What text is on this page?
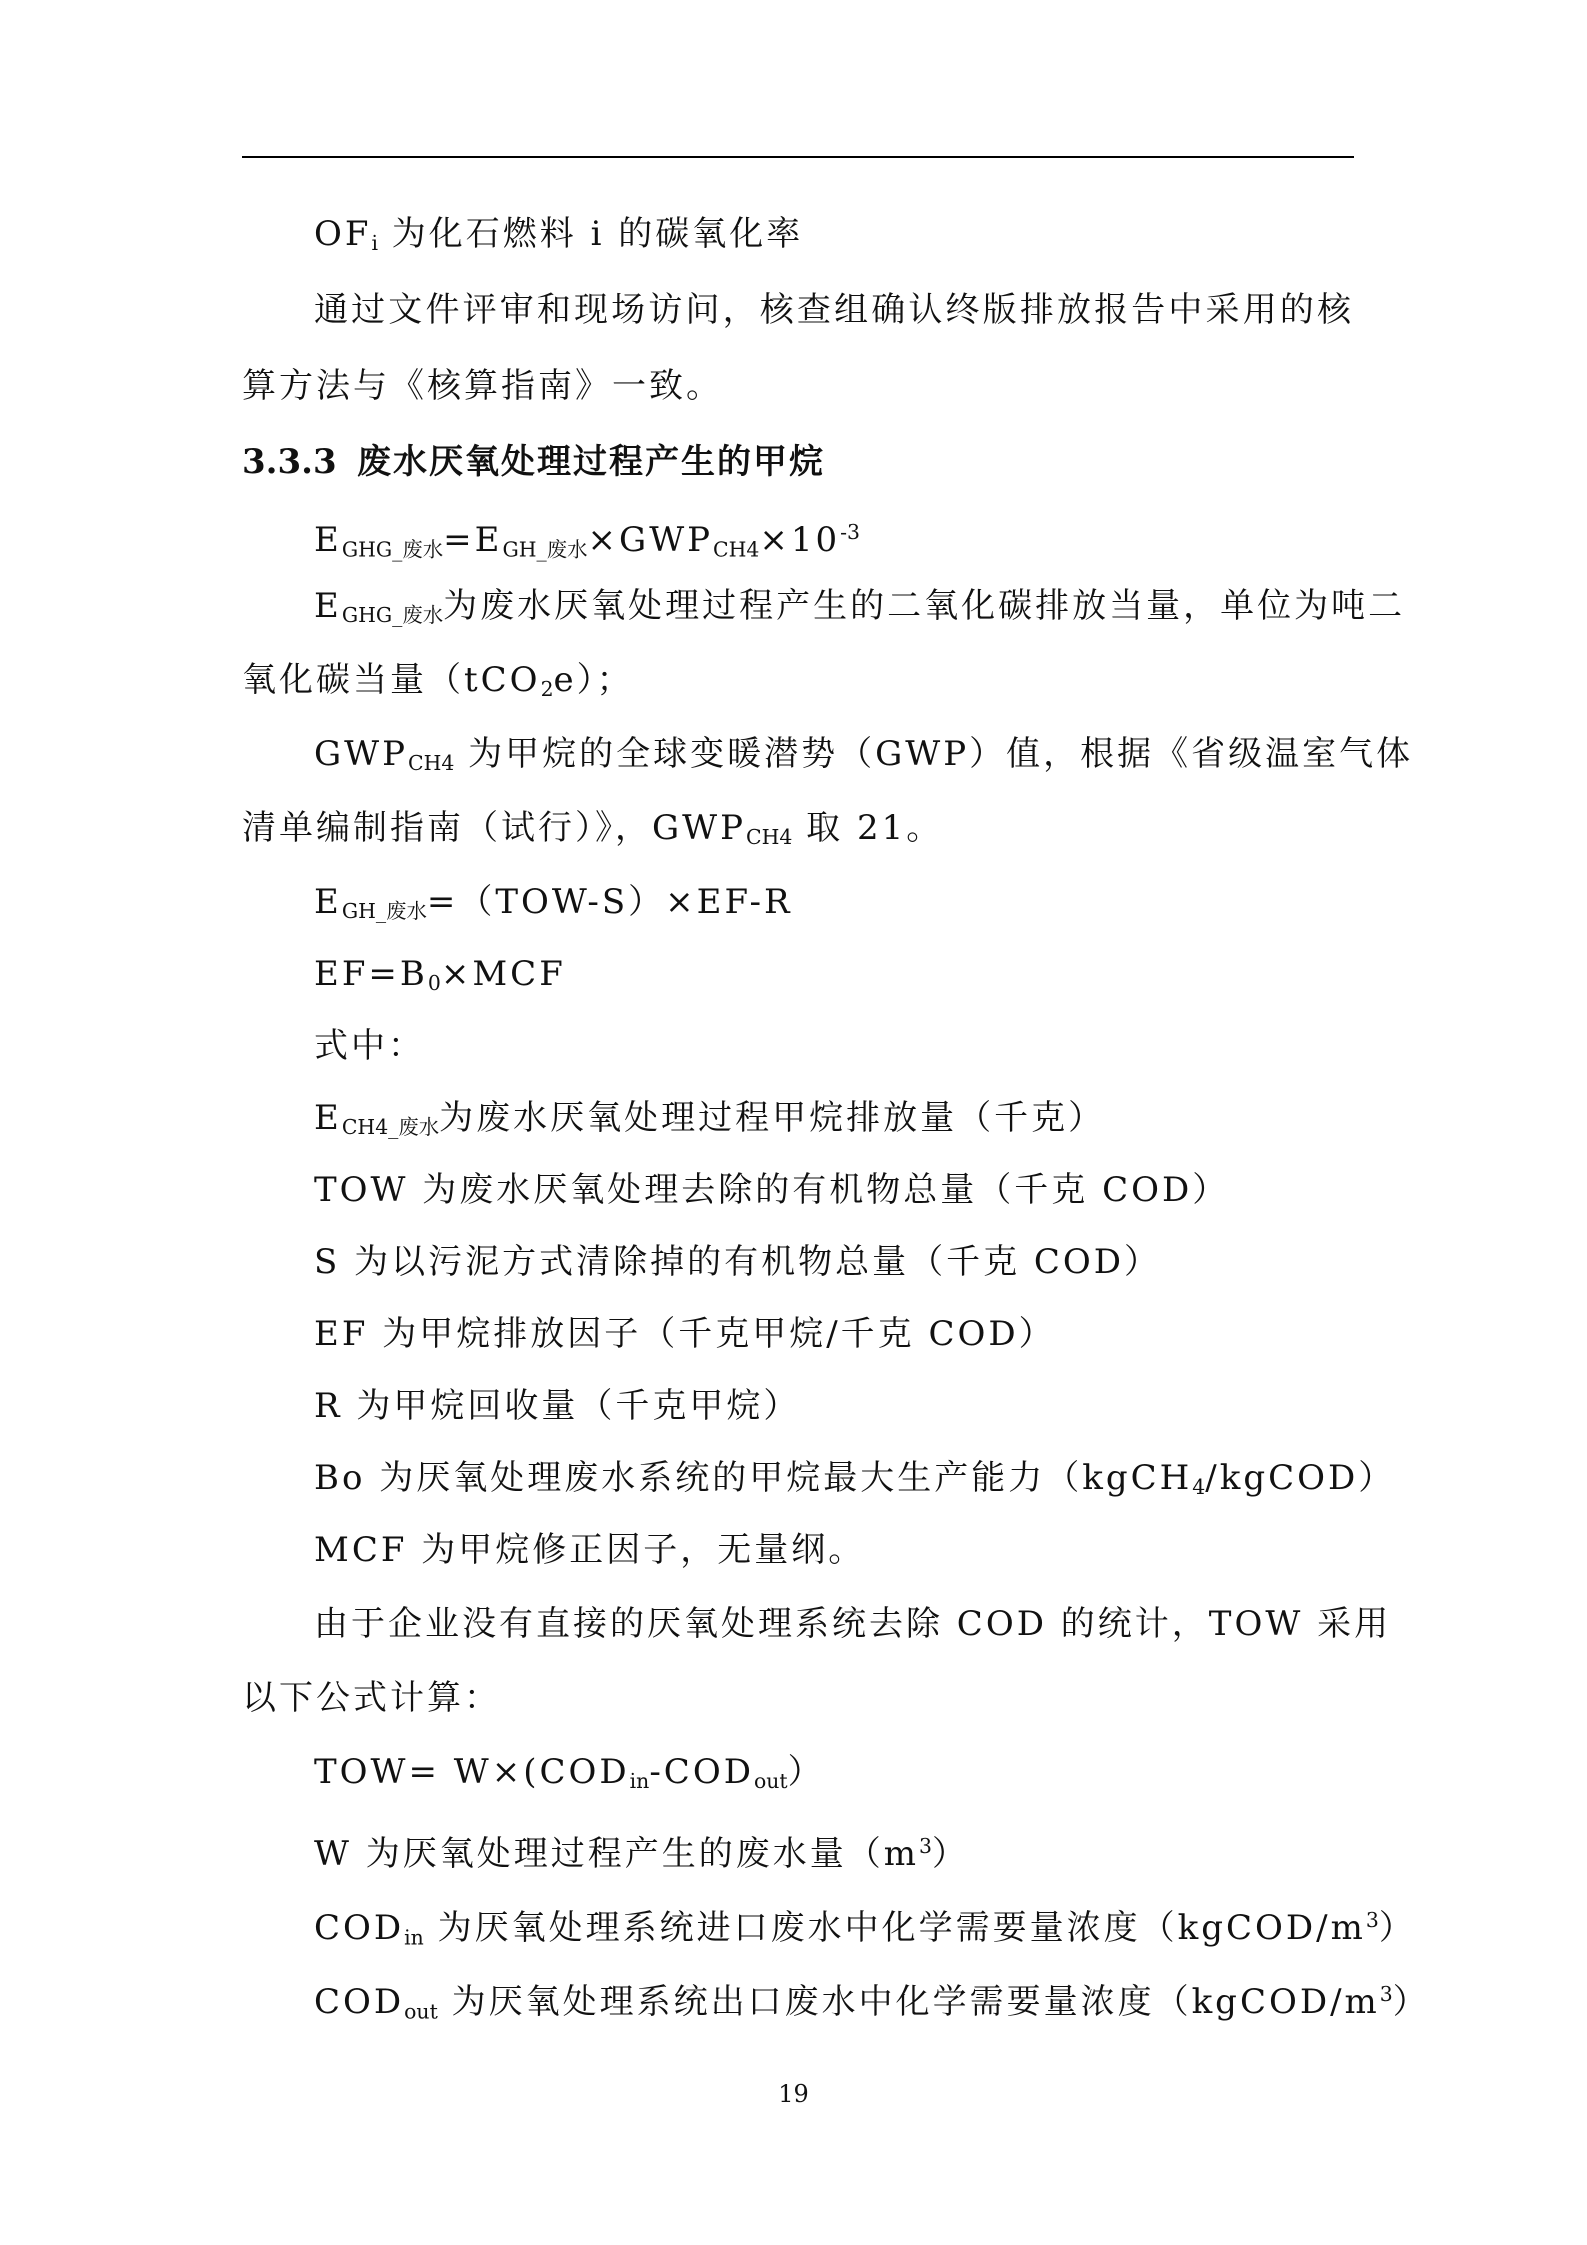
$OF_i$ 为化石燃料 i 的碳氧化率
通过文件评审和现场访问，核查组确认终版排放报告中采用的核
算方法与《核算指南》一致。
3.3.3 废水厌氧处理过程产生的甲烷
$E_{GHG\_废水}=E_{GH\_废水}\times GWP_{CH4}\times 10^{-3}$
$E_{GHG\_废水}$为废水厌氧处理过程产生的二氧化碳排放当量，单位为吨二
氧化碳当量（tCO$_2$e）；
$GWP_{CH4}$ 为甲烷的全球变暖潜势（GWP）值，根据《省级温室气体
清单编制指南（试行）》，$GWP_{CH4}$ 取 21。
$E_{GH\_废水}=(TOW-S)\times EF-R$
$EF=B_0\times MCF$
式中：
$E_{CH4\_废水}$为废水厌氧处理过程甲烷排放量（千克）
TOW 为废水厌氧处理去除的有机物总量（千克 COD）
S 为以污泥方式清除掉的有机物总量（千克 COD）
EF 为甲烷排放因子（千克甲烷/千克 COD）
R 为甲烷回收量（千克甲烷）
Bo 为厌氧处理废水系统的甲烷最大生产能力（kgCH$_4$/kgCOD）
MCF 为甲烷修正因子，无量纲。
由于企业没有直接的厌氧处理系统去除 COD 的统计，TOW 采用
以下公式计算：
$TOW= W\times(COD_{in}-COD_{out})$
W 为厌氧处理过程产生的废水量$(m^3)$
$COD_{in}$ 为厌氧处理系统进口废水中化学需要量浓度$(kgCOD/m^3)$
$COD_{out}$ 为厌氧处理系统出口废水中化学需要量浓度$(kgCOD/m^3)$
19
